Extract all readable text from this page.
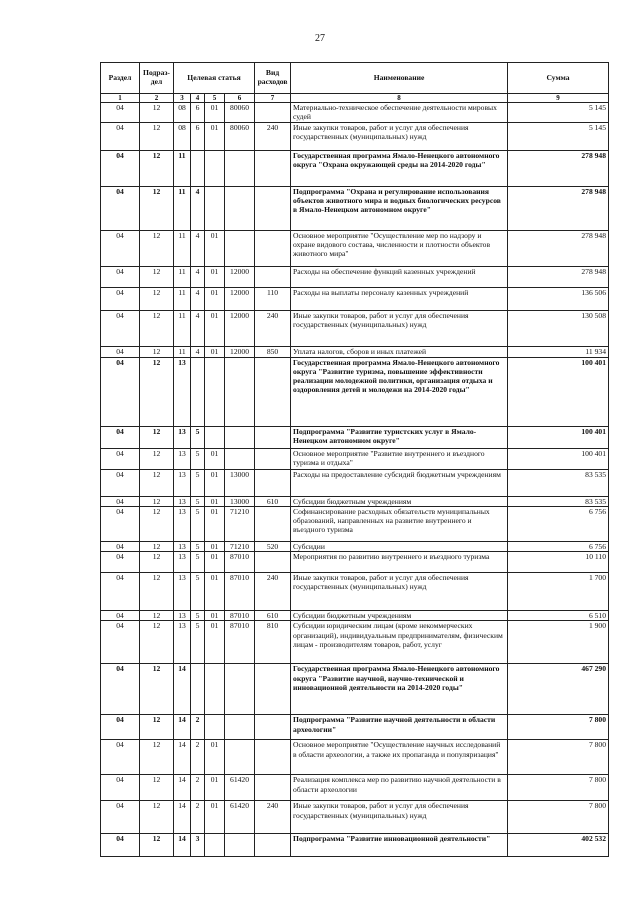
27
Раздел	Подраз-дел	Целевая статья				Вид расходов	Наименование	Сумма
1	2	3	4	5	6	7	8	9
04	12	08	6	01	80060		Материально-техническое обеспечение деятельности мировых судей	5 145
04	12	08	6	01	80060	240	Иные закупки товаров, работ и услуг для обеспечения государственных (муниципальных) нужд	5 145
04	12	11					Государственная программа Ямало-Ненецкого автономного округа "Охрана окружающей среды на 2014-2020 годы"	278 948
04	12	11	4				Подпрограмма "Охрана и регулирование использования объектов животного мира и водных биологических ресурсов в Ямало-Ненецком автономном округе"	278 948
04	12	11	4	01			Основное мероприятие "Осуществление мер по надзору и охране видового состава, численности и плотности объектов животного мира"	278 948
04	12	11	4	01	12000		Расходы на обеспечение функций казенных учреждений	278 948
04	12	11	4	01	12000	110	Расходы на выплаты персоналу казенных учреждений	136 506
04	12	11	4	01	12000	240	Иные закупки товаров, работ и услуг для обеспечения государственных (муниципальных) нужд	130 508
04	12	11	4	01	12000	850	Уплата налогов, сборов и иных платежей	11 934
04	12	13					Государственная программа Ямало-Ненецкого автономного округа "Развитие туризма, повышение эффективности реализации молодежной политики, организация отдыха и оздоровления детей и молодежи на 2014-2020 годы"	100 401
04	12	13	5				Подпрограмма "Развитие туристских услуг в Ямало-Ненецком автономном округе"	100 401
04	12	13	5	01			Основное мероприятие "Развитие внутреннего и въездного туризма и отдыха"	100 401
04	12	13	5	01	13000		Расходы на предоставление субсидий бюджетным учреждениям	83 535
04	12	13	5	01	13000	610	Субсидии бюджетным учреждениям	83 535
04	12	13	5	01	71210		Софинансирование расходных обязательств муниципальных образований, направленных на развитие внутреннего и въездного туризма	6 756
04	12	13	5	01	71210	520	Субсидии	6 756
04	12	13	5	01	87010		Мероприятия по развитию внутреннего и въездного туризма	10 110
04	12	13	5	01	87010	240	Иные закупки товаров, работ и услуг для обеспечения государственных (муниципальных) нужд	1 700
04	12	13	5	01	87010	610	Субсидии бюджетным учреждениям	6 510
04	12	13	5	01	87010	810	Субсидии юридическим лицам (кроме некоммерческих организаций), индивидуальным предпринимателям, физическим лицам - производителям товаров, работ, услуг	1 900
04	12	14					Государственная программа Ямало-Ненецкого автономного округа "Развитие научной, научно-технической и инновационной деятельности на 2014-2020 годы"	467 290
04	12	14	2				Подпрограмма "Развитие научной деятельности в области археологии"	7 800
04	12	14	2	01			Основное мероприятие "Осуществление научных исследований в области археологии, а также их пропаганда и популяризация"	7 800
04	12	14	2	01	61420		Реализация комплекса мер по развитию научной деятельности в области археологии	7 800
04	12	14	2	01	61420	240	Иные закупки товаров, работ и услуг для обеспечения государственных (муниципальных) нужд	7 800
04	12	14	3				Подпрограмма "Развитие инновационной деятельности"	402 532
